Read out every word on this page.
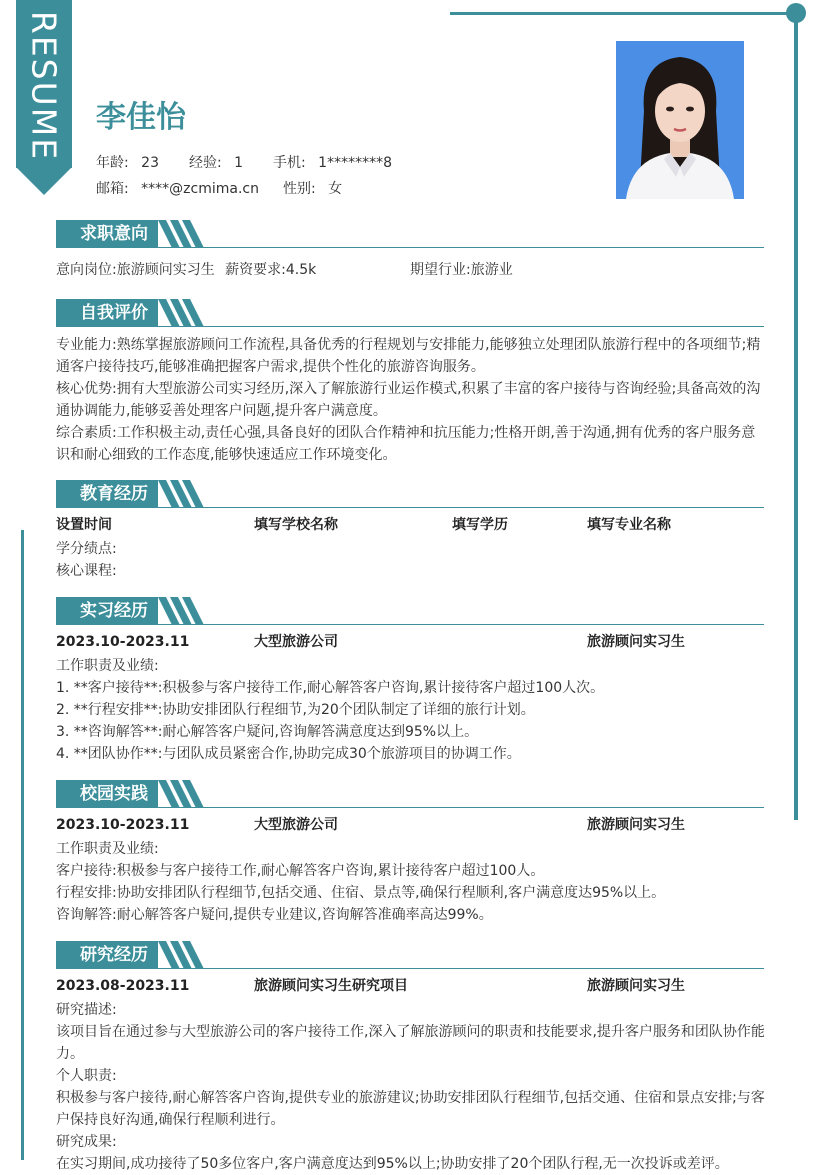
RESUME 李佳怡
年龄: 23 经验: 1 手机: 1********8
邮箱: ****@zcmima.cn 性别: 女
求职意向
意向岗位:旅游顾问实习生 薪资要求:4.5k	期望行业:旅游业
自我评价
专业能力:熟练掌握旅游顾问工作流程,具备优秀的行程规划与安排能力,能够独立处理团队旅游行程中的各项细节;精通客户接待技巧,能够准确把握客户需求,提供个性化的旅游咨询服务。
核心优势:拥有大型旅游公司实习经历,深入了解旅游行业运作模式,积累了丰富的客户接待与咨询经验;具备高效的沟通协调能力,能够妥善处理客户问题,提升客户满意度。
综合素质:工作积极主动,责任心强,具备良好的团队合作精神和抗压能力;性格开朗,善于沟通,拥有优秀的客户服务意识和耐心细致的工作态度,能够快速适应工作环境变化。
教育经历
设置时间	填写学校名称	填写学历	填写专业名称
学分绩点:
核心课程:
实习经历
2023.10-2023.11	大型旅游公司	旅游顾问实习生
工作职责及业绩:
1. **客户接待**:积极参与客户接待工作,耐心解答客户咨询,累计接待客户超过100人次。
2. **行程安排**:协助安排团队行程细节,为20个团队制定了详细的旅行计划。
3. **咨询解答**:耐心解答客户疑问,咨询解答满意度达到95%以上。
4. **团队协作**:与团队成员紧密合作,协助完成30个旅游项目的协调工作。
校园实践
2023.10-2023.11	大型旅游公司	旅游顾问实习生
工作职责及业绩:
客户接待:积极参与客户接待工作,耐心解答客户咨询,累计接待客户超过100人。
行程安排:协助安排团队行程细节,包括交通、住宿、景点等,确保行程顺利,客户满意度达95%以上。
咨询解答:耐心解答客户疑问,提供专业建议,咨询解答准确率高达99%。
研究经历
2023.08-2023.11	旅游顾问实习生研究项目	旅游顾问实习生
研究描述:
该项目旨在通过参与大型旅游公司的客户接待工作,深入了解旅游顾问的职责和技能要求,提升客户服务和团队协作能力。
个人职责:
积极参与客户接待,耐心解答客户咨询,提供专业的旅游建议;协助安排团队行程细节,包括交通、住宿和景点安排;与客户保持良好沟通,确保行程顺利进行。
研究成果:
在实习期间,成功接待了50多位客户,客户满意度达到95%以上;协助安排了20个团队行程,无一次投诉或差评。
